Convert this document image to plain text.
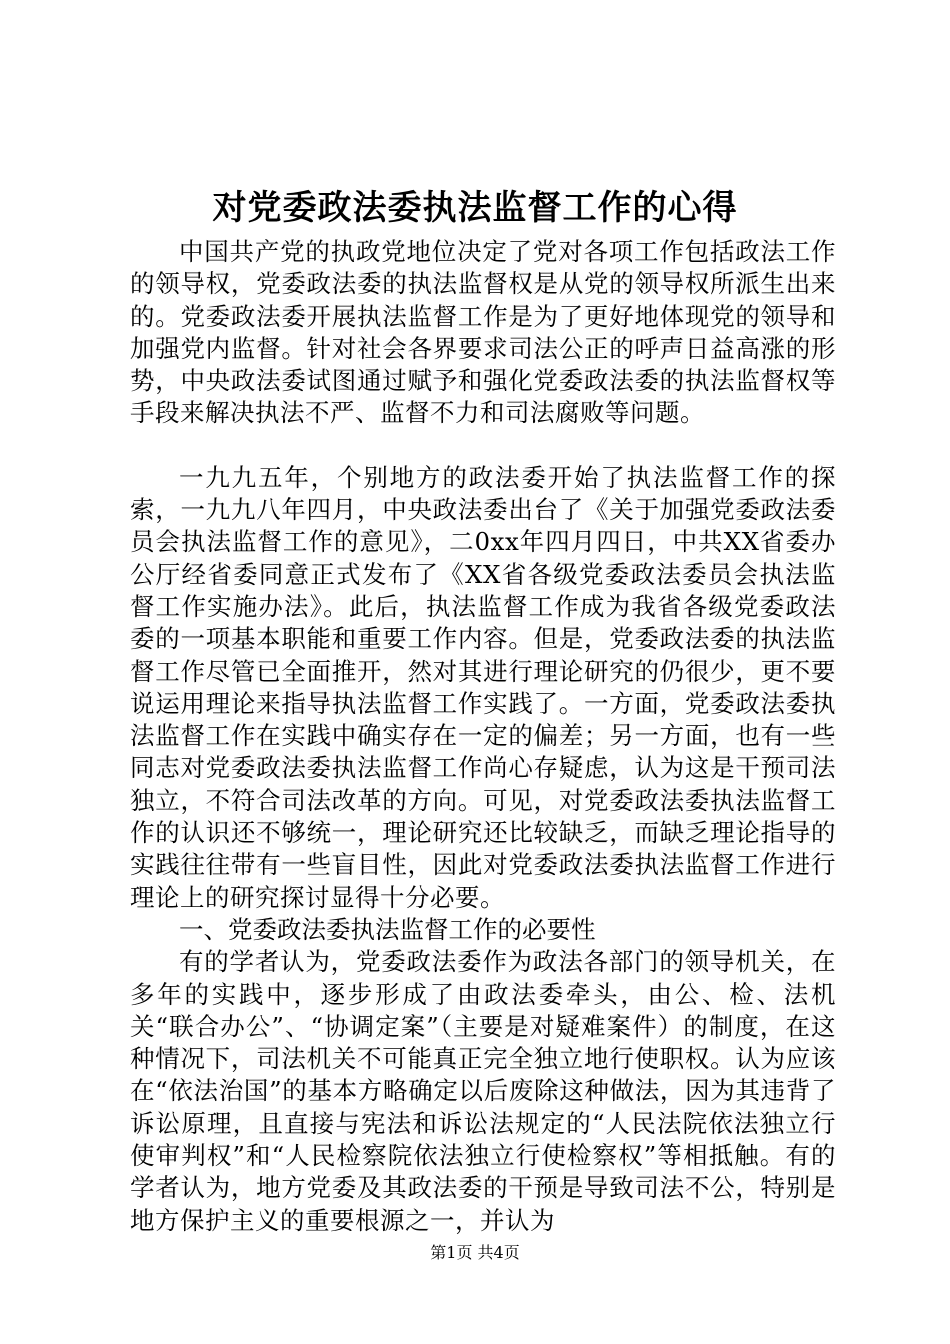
对党委政法委执法监督工作的心得

中国共产党的执政党地位决定了党对各项工作包括政法工作的领导权，党委政法委的执法监督权是从党的领导权所派生出来的。党委政法委开展执法监督工作是为了更好地体现党的领导和加强党内监督。针对社会各界要求司法公正的呼声日益高涨的形势，中央政法委试图通过赋予和强化党委政法委的执法监督权等手段来解决执法不严、监督不力和司法腐败等问题。

一九九五年，个别地方的政法委开始了执法监督工作的探索，一九九八年四月，中央政法委出台了《关于加强党委政法委员会执法监督工作的意见》，二0xx年四月四日，中共XX省委办公厅经省委同意正式发布了《XX省各级党委政法委员会执法监督工作实施办法》。此后，执法监督工作成为我省各级党委政法委的一项基本职能和重要工作内容。但是，党委政法委的执法监督工作尽管已全面推开，然对其进行理论研究的仍很少，更不要说运用理论来指导执法监督工作实践了。一方面，党委政法委执法监督工作在实践中确实存在一定的偏差；另一方面，也有一些同志对党委政法委执法监督工作尚心存疑虑，认为这是干预司法独立，不符合司法改革的方向。可见，对党委政法委执法监督工作的认识还不够统一，理论研究还比较缺乏，而缺乏理论指导的实践往往带有一些盲目性，因此对党委政法委执法监督工作进行理论上的研究探讨显得十分必要。

一、党委政法委执法监督工作的必要性

有的学者认为，党委政法委作为政法各部门的领导机关，在多年的实践中，逐步形成了由政法委牵头，由公、检、法机关“联合办公”、“协调定案”（主要是对疑难案件）的制度，在这种情况下，司法机关不可能真正完全独立地行使职权。认为应该在“依法治国”的基本方略确定以后废除这种做法，因为其违背了诉讼原理，且直接与宪法和诉讼法规定的“人民法院依法独立行使审判权”和“人民检察院依法独立行使检察权”等相抵触。有的学者认为，地方党委及其政法委的干预是导致司法不公，特别是地方保护主义的重要根源之一，并认为

第1页 共4页
